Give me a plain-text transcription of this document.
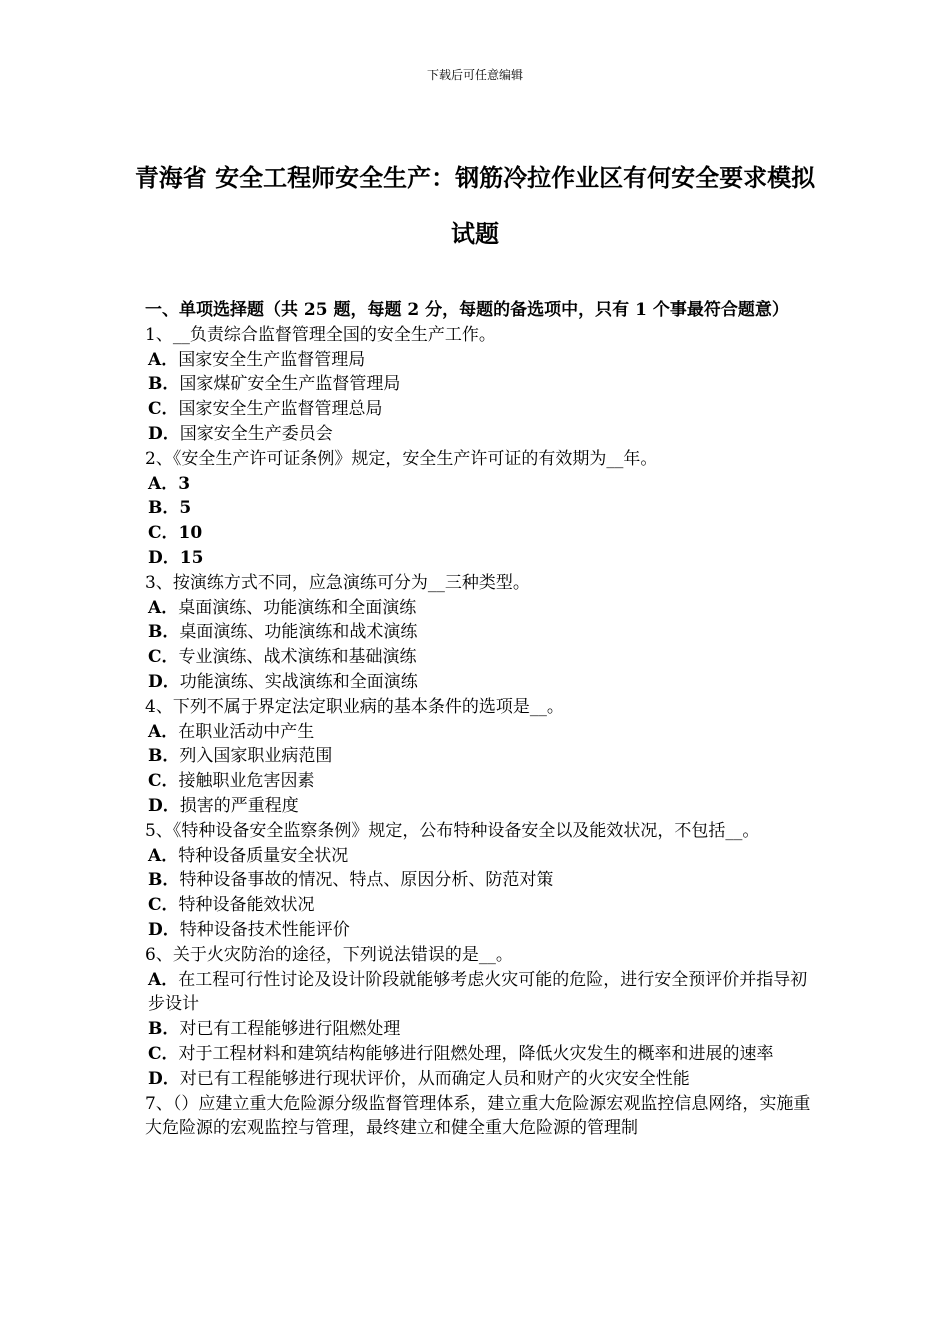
下载后可任意编辑
青海省 安全工程师安全生产：钢筋冷拉作业区有何安全要求模拟试题

一、单项选择题（共 25 题，每题 2 分，每题的备选项中，只有 1 个事最符合题意）

1、__负责综合监督管理全国的安全生产工作。

A．国家安全生产监督管理局

B．国家煤矿安全生产监督管理局

C．国家安全生产监督管理总局

D．国家安全生产委员会

2、《安全生产许可证条例》规定，安全生产许可证的有效期为__年。

A．3

B．5

C．10

D．15

3、按演练方式不同，应急演练可分为__三种类型。

A．桌面演练、功能演练和全面演练

B．桌面演练、功能演练和战术演练

C．专业演练、战术演练和基础演练

D．功能演练、实战演练和全面演练

4、下列不属于界定法定职业病的基本条件的选项是__。

A．在职业活动中产生

B．列入国家职业病范围

C．接触职业危害因素

D．损害的严重程度

5、《特种设备安全监察条例》规定，公布特种设备安全以及能效状况，不包括__。

A．特种设备质量安全状况

B．特种设备事故的情况、特点、原因分析、防范对策

C．特种设备能效状况

D．特种设备技术性能评价

6、关于火灾防治的途径，下列说法错误的是__。

A．在工程可行性讨论及设计阶段就能够考虑火灾可能的危险，进行安全预评价并指导初步设计

B．对已有工程能够进行阻燃处理

C．对于工程材料和建筑结构能够进行阻燃处理，降低火灾发生的概率和进展的速率

D．对已有工程能够进行现状评价，从而确定人员和财产的火灾安全性能

7、（）应建立重大危险源分级监督管理体系，建立重大危险源宏观监控信息网络，实施重大危险源的宏观监控与管理，最终建立和健全重大危险源的管理制
